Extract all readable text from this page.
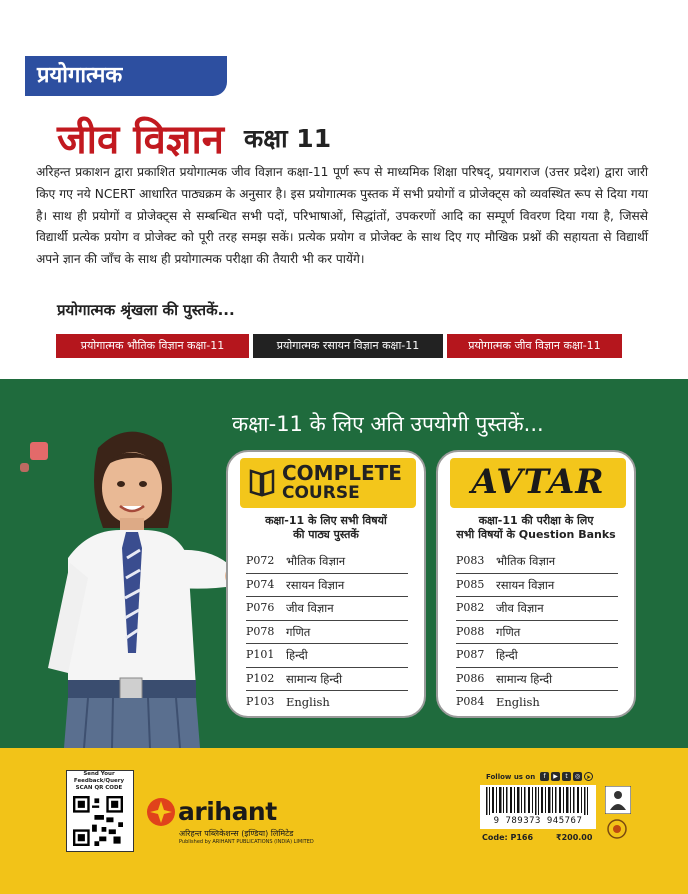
प्रयोगात्मक
जीव विज्ञान कक्षा 11
अरिहन्त प्रकाशन द्वारा प्रकाशित प्रयोगात्मक जीव विज्ञान कक्षा-11 पूर्ण रूप से माध्यमिक शिक्षा परिषद्, प्रयागराज (उत्तर प्रदेश) द्वारा जारी किए गए नये NCERT आधारित पाठ्यक्रम के अनुसार है। इस प्रयोगात्मक पुस्तक में सभी प्रयोगों व प्रोजेक्ट्स को व्यवस्थित रूप से दिया गया है। साथ ही प्रयोगों व प्रोजेक्ट्स से सम्बन्धित सभी पदों, परिभाषाओं, सिद्धांतों, उपकरणों आदि का सम्पूर्ण विवरण दिया गया है, जिससे विद्यार्थी प्रत्येक प्रयोग व प्रोजेक्ट को पूरी तरह समझ सकें। प्रत्येक प्रयोग व प्रोजेक्ट के साथ दिए गए मौखिक प्रश्नों की सहायता से विद्यार्थी अपने ज्ञान की जाँच के साथ ही प्रयोगात्मक परीक्षा की तैयारी भी कर पायेंगे।
प्रयोगात्मक श्रृंखला की पुस्तकें...
प्रयोगात्मक भौतिक विज्ञान कक्षा-11	प्रयोगात्मक रसायन विज्ञान कक्षा-11	प्रयोगात्मक जीव विज्ञान कक्षा-11
कक्षा-11 के लिए अति उपयोगी पुस्तकें...
COMPLETE
COURSE
कक्षा-11 के लिए सभी विषयों
की पाठ्य पुस्तकें
P072	भौतिक विज्ञान
P074	रसायन विज्ञान
P076	जीव विज्ञान
P078	गणित
P101	हिन्दी
P102	सामान्य हिन्दी
P103	English
AVTAR
कक्षा-11 की परीक्षा के लिए
सभी विषयों के Question Banks
P083	भौतिक विज्ञान
P085	रसायन विज्ञान
P082	जीव विज्ञान
P088	गणित
P087	हिन्दी
P086	सामान्य हिन्दी
P084	English
Send Your Feedback/Query SCAN QR CODE
arihant
अरिहन्त पब्लिकेशन्स (इण्डिया) लिमिटेड
Published by ARIHANT PUBLICATIONS (INDIA) LIMITED
Follow us on	f	▶	t	◎ ➤
9 789373 945767
Code: P166	₹200.00
